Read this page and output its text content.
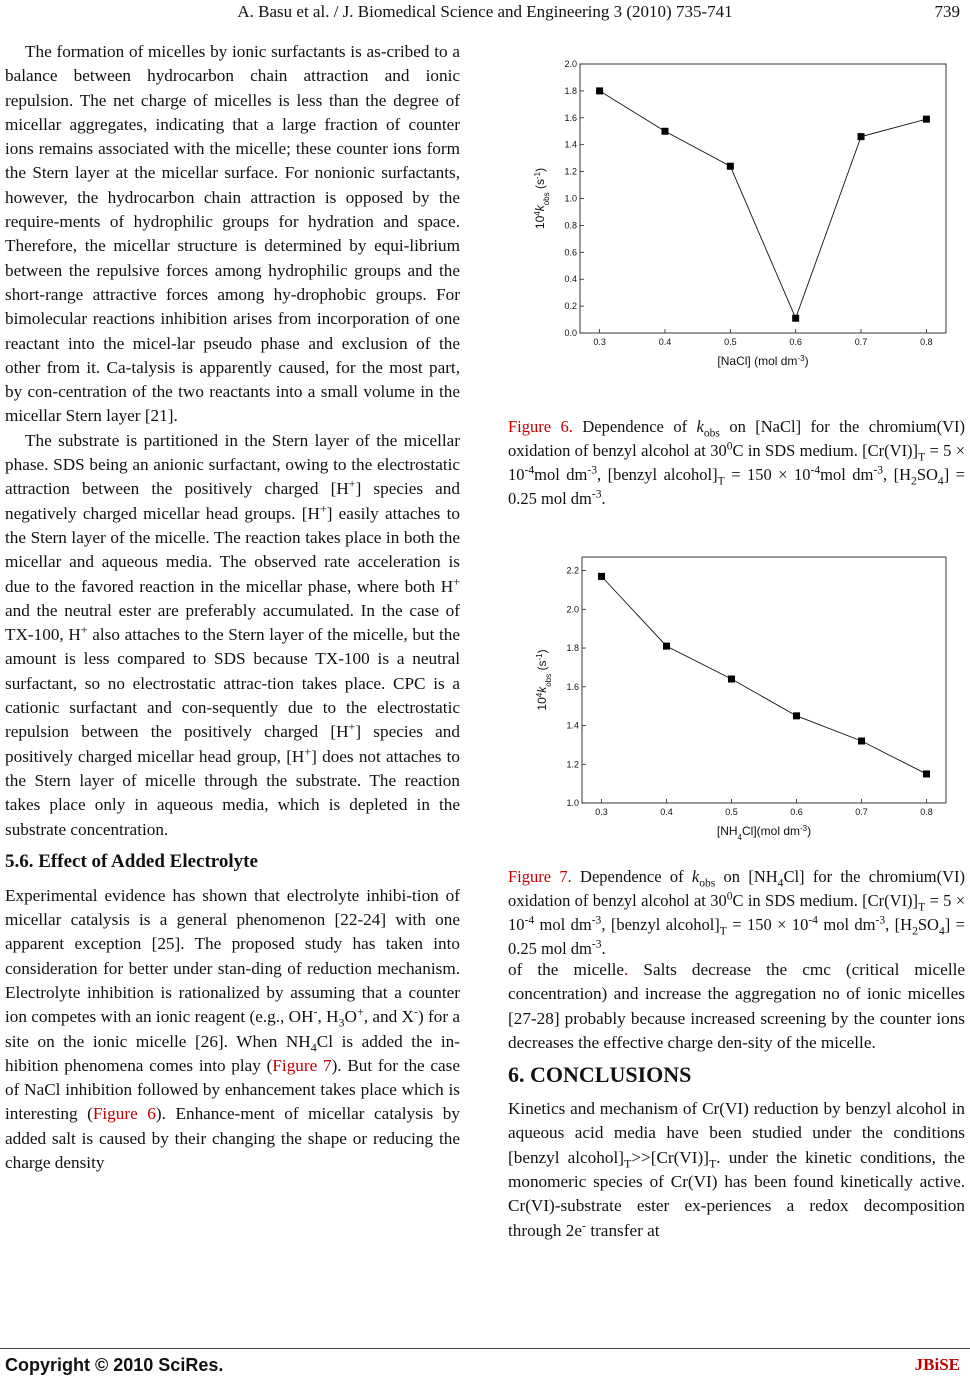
A. Basu et al. / J. Biomedical Science and Engineering 3 (2010) 735-741	739

The formation of micelles by ionic surfactants is as-cribed to a balance between hydrocarbon chain attraction and ionic repulsion. The net charge of micelles is less than the degree of micellar aggregates, indicating that a large fraction of counter ions remains associated with the micelle; these counter ions form the Stern layer at the micellar surface. For nonionic surfactants, however, the hydrocarbon chain attraction is opposed by the require-ments of hydrophilic groups for hydration and space. Therefore, the micellar structure is determined by equi-librium between the repulsive forces among hydrophilic groups and the short-range attractive forces among hy-drophobic groups. For bimolecular reactions inhibition arises from incorporation of one reactant into the micel-lar pseudo phase and exclusion of the other from it. Ca-talysis is apparently caused, for the most part, by con-centration of the two reactants into a small volume in the micellar Stern layer [21].

The substrate is partitioned in the Stern layer of the micellar phase. SDS being an anionic surfactant, owing to the electrostatic attraction between the positively charged [H+] species and negatively charged micellar head groups. [H+] easily attaches to the Stern layer of the micelle. The reaction takes place in both the micellar and aqueous media. The observed rate acceleration is due to the favored reaction in the micellar phase, where both H+ and the neutral ester are preferably accumulated. In the case of TX-100, H+ also attaches to the Stern layer of the micelle, but the amount is less compared to SDS because TX-100 is a neutral surfactant, so no electrostatic attrac-tion takes place. CPC is a cationic surfactant and con-sequently due to the electrostatic repulsion between the positively charged [H+] species and positively charged micellar head group, [H+] does not attaches to the Stern layer of micelle through the substrate. The reaction takes place only in aqueous media, which is depleted in the substrate concentration.

5.6. Effect of Added Electrolyte

Experimental evidence has shown that electrolyte inhibi-tion of micellar catalysis is a general phenomenon [22-24] with one apparent exception [25]. The proposed study has taken into consideration for better under stan-ding of reduction mechanism. Electrolyte inhibition is rationalized by assuming that a counter ion competes with an ionic reagent (e.g., OH-, $H_3O^+$, and X-) for a site on the ionic micelle [26]. When $NH_4Cl$ is added the in-hibition phenomena comes into play (Figure 7). But for the case of NaCl inhibition followed by enhancement takes place which is interesting (Figure 6). Enhance-ment of micellar catalysis by added salt is caused by their changing the shape or reducing the charge density

0.0
0.2
0.4
0.6
0.8
1.0
1.2
1.4
1.6
1.8
2.0
0.3	0.4	0.5	0.6	0.7	0.8
[NaCl] (mol $dm^{-3}$)
$10^4k_{obs}$ $(s^{-1})$

Figure 6. Dependence of $k_{obs}$ on [NaCl] for the chromium(VI) oxidation of benzyl alcohol at $30^0C$ in SDS medium. $[Cr(VI)]_T = 5 \times 10^{-4}mol$ $dm^{-3}$, [benzyl $alcohol]_T = 150 \times 10^{-4}mol$ $dm^{-3}$, $[H_2SO_4] = 0.25$ mol $dm^{-3}$.

1.0
1.2
1.4
1.6
1.8
2.0
2.2
0.3	0.4	0.5	0.6	0.7	0.8
$[NH_4Cl](mol$ $dm^{-3}$)
$10^4k_{obs}$ $(s^{-1})$

Figure 7. Dependence of $k_{obs}$ on $[NH_4Cl]$ for the chromium(VI) oxidation of benzyl alcohol at $30^0C$ in SDS medium. $[Cr(VI)]_T = 5 \times 10^{-4}$ mol $dm^{-3}$, [benzyl $alcohol]_T = 150 \times 10^{-4}$ mol $dm^{-3}$, $[H_2SO_4] = 0.25$ mol $dm^{-3}$.

of the micelle. Salts decrease the cmc (critical micelle concentration) and increase the aggregation no of ionic micelles [27-28] probably because increased screening by the counter ions decreases the effective charge den-sity of the micelle.

6. CONCLUSIONS

Kinetics and mechanism of Cr(VI) reduction by benzyl alcohol in aqueous acid media have been studied under the conditions [benzyl $alcohol]_T>>[Cr(VI)]_T$. under the kinetic conditions, the monomeric species of Cr(VI) has been found kinetically active. Cr(VI)-substrate ester ex-periences a redox decomposition through 2e- transfer at

Copyright © 2010 SciRes.	JBiSE
